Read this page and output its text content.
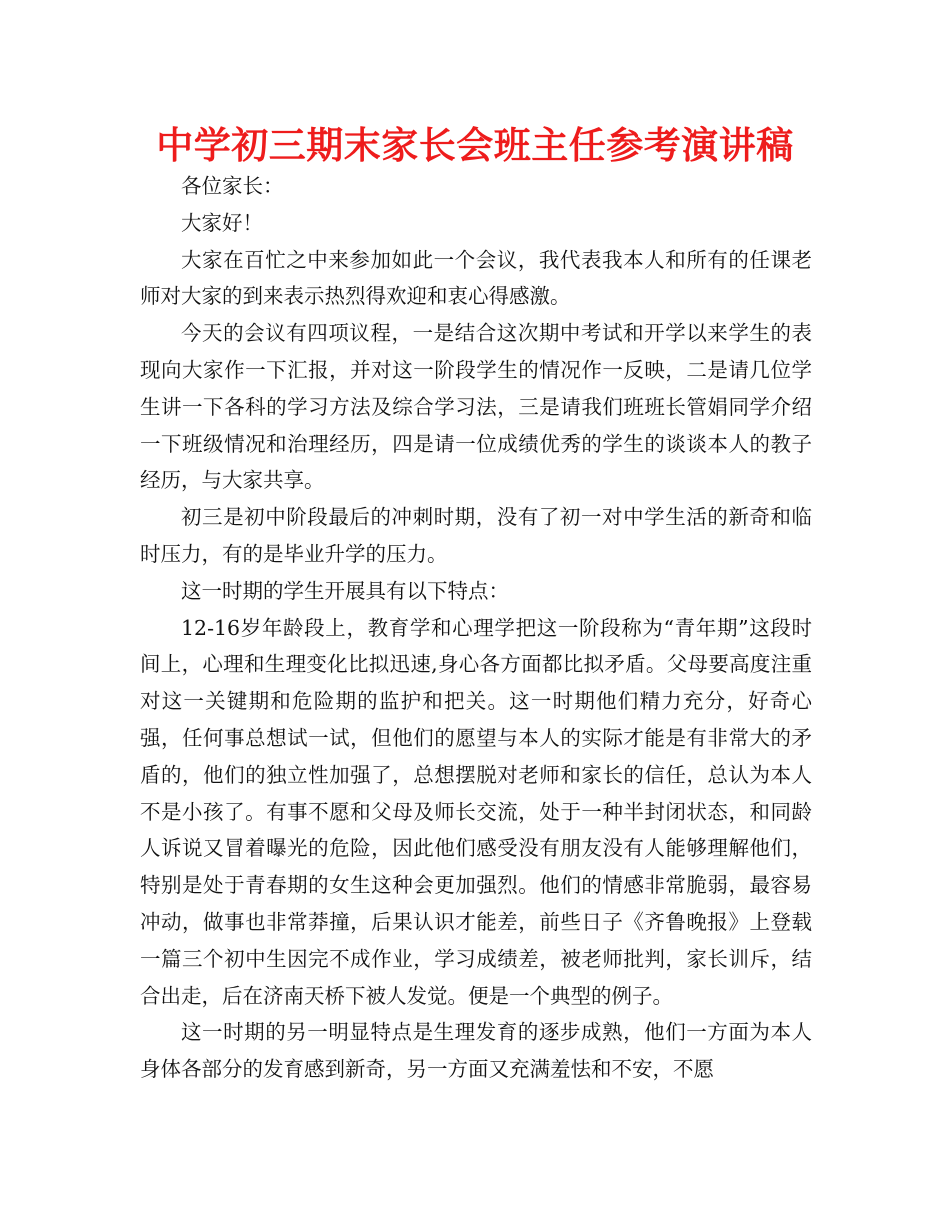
中学初三期末家长会班主任参考演讲稿

各位家长：

大家好！

大家在百忙之中来参加如此一个会议，我代表我本人和所有的任课老师对大家的到来表示热烈得欢迎和衷心得感激。

今天的会议有四项议程，一是结合这次期中考试和开学以来学生的表现向大家作一下汇报，并对这一阶段学生的情况作一反映，二是请几位学生讲一下各科的学习方法及综合学习法，三是请我们班班长管娟同学介绍一下班级情况和治理经历，四是请一位成绩优秀的学生的谈谈本人的教子经历，与大家共享。

初三是初中阶段最后的冲刺时期，没有了初一对中学生活的新奇和临时压力，有的是毕业升学的压力。

这一时期的学生开展具有以下特点：

12-16岁年龄段上，教育学和心理学把这一阶段称为“青年期”这段时间上，心理和生理变化比拟迅速,身心各方面都比拟矛盾。父母要高度注重对这一关键期和危险期的监护和把关。这一时期他们精力充分，好奇心强，任何事总想试一试，但他们的愿望与本人的实际才能是有非常大的矛盾的，他们的独立性加强了，总想摆脱对老师和家长的信任，总认为本人不是小孩了。有事不愿和父母及师长交流，处于一种半封闭状态，和同龄人诉说又冒着曝光的危险，因此他们感受没有朋友没有人能够理解他们，特别是处于青春期的女生这种会更加强烈。他们的情感非常脆弱，最容易冲动，做事也非常莽撞，后果认识才能差，前些日子《齐鲁晚报》上登载一篇三个初中生因完不成作业，学习成绩差，被老师批判，家长训斥，结合出走，后在济南天桥下被人发觉。便是一个典型的例子。

这一时期的另一明显特点是生理发育的逐步成熟，他们一方面为本人身体各部分的发育感到新奇，另一方面又充满羞怯和不安，不愿
